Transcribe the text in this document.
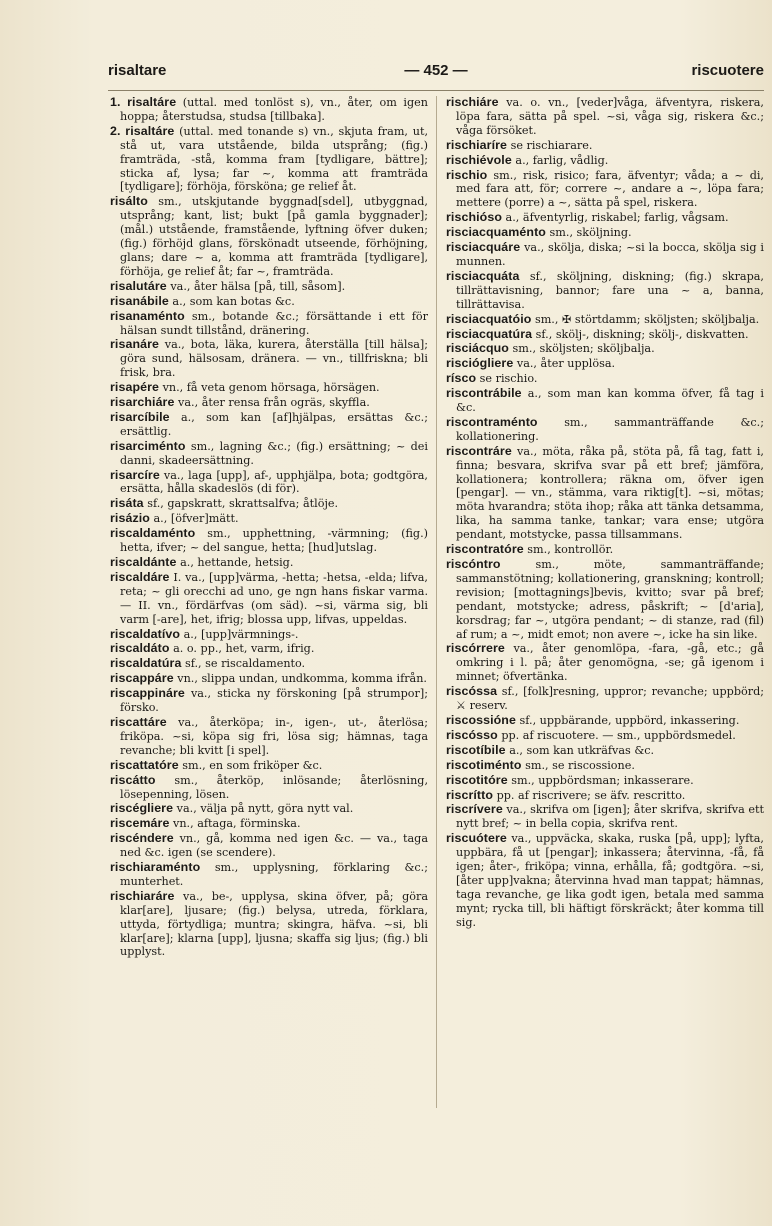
risaltare	— 452 —	riscuotere
1. risaltáre (uttal. med tonlöst s), vn., åter, om igen hoppa; återstudsa, studsa [tillbaka].
2. risaltáre (uttal. med tonande s) vn., skjuta fram, ut, stå ut, vara utstående, bilda utsprång; (fig.) framträda, -stå, komma fram [tydligare, bättre]; sticka af, lysa; far ~, komma att framträda [tydligare]; förhöja, försköna; ge relief åt.
risálto sm., utskjutande byggnad[sdel], utbyggnad, utsprång; kant, list; bukt [på gamla byggnader]; (mål.) utstående, framstående, lyftning öfver duken; (fig.) förhöjd glans, förskönadt utseende, förhöjning, glans; dare ~ a, komma att framträda [tydligare], förhöja, ge relief åt; far ~, framträda.
risalutáre va., åter hälsa [på, till, såsom].
risanábile a., som kan botas &c.
risanaménto sm., botande &c.; försättande i ett för hälsan sundt tillstånd, dränering.
risanáre va., bota, läka, kurera, återställa [till hälsa]; göra sund, hälsosam, dränera. — vn., tillfriskna; bli frisk, bra.
risapére vn., få veta genom hörsaga, hörsägen.
risarchiáre va., åter rensa från ogräs, skyffla.
risarcíbile a., som kan [af]hjälpas, ersättas &c.; ersättlig.
risarciménto sm., lagning &c.; (fig.) ersättning; ~ dei danni, skadeersättning.
risarcíre va., laga [upp], af-, upphjälpa, bota; godtgöra, ersätta, hålla skadeslös (di för).
risáta sf., gapskratt, skrattsalfva; åtlöje.
risázio a., [öfver]mätt.
riscaldaménto sm., upphettning, -värmning; (fig.) hetta, ifver; ~ del sangue, hetta; [hud]utslag.
riscaldánte a., hettande, hetsig.
riscaldáre I. va., [upp]värma, -hetta; -hetsa, -elda; lifva, reta; ~ gli orecchi ad uno, ge ngn hans fiskar varma. — II. vn., fördärfvas (om säd). ~si, värma sig, bli varm [-are], het, ifrig; blossa upp, lifvas, uppeldas.
riscaldatívo a., [upp]värmnings-.
riscaldáto a. o. pp., het, varm, ifrig.
riscaldatúra sf., se riscaldamento.
riscappáre vn., slippa undan, undkomma, komma ifrån.
riscappináre va., sticka ny förskoning [på strumpor]; försko.
riscattáre va., återköpa; in-, igen-, ut-, återlösa; friköpa. ~si, köpa sig fri, lösa sig; hämnas, taga revanche; bli kvitt [i spel].
riscattatóre sm., en som friköper &c.
riscátto sm., återköp, inlösande; återlösning, lösepenning, lösen.
riscégliere va., välja på nytt, göra nytt val.
riscemáre vn., aftaga, förminska.
riscéndere vn., gå, komma ned igen &c. — va., taga ned &c. igen (se scendere).
rischiaraménto sm., upplysning, förklaring &c.; munterhet.
rischiaráre va., be-, upplysa, skina öfver, på; göra klar[are], ljusare; (fig.) belysa, utreda, förklara, uttyda, förtydliga; muntra; skingra, häfva. ~si, bli klar[are]; klarna [upp], ljusna; skaffa sig ljus; (fig.) bli upplyst.
rischiáre va. o. vn., [veder]våga, äfventyra, riskera, löpa fara, sätta på spel. ~si, våga sig, riskera &c.; våga försöket.
rischiaríre se rischiarare.
rischiévole a., farlig, vådlig.
rischio sm., risk, risico; fara, äfventyr; våda; a ~ di, med fara att, för; correre ~, andare a ~, löpa fara; mettere (porre) a ~, sätta på spel, riskera.
rischióso a., äfventyrlig, riskabel; farlig, vågsam.
risciacquaménto sm., sköljning.
risciacquáre va., skölja, diska; ~si la bocca, skölja sig i munnen.
risciacquáta sf., sköljning, diskning; (fig.) skrapa, tillrättavisning, bannor; fare una ~ a, banna, tillrättavisa.
risciacquatóio sm., ✠ störtdamm; sköljsten; sköljbalja.
risciacquatúra sf., skölj-, diskning; skölj-, diskvatten.
risciácquo sm., sköljsten; sköljbalja.
risciógliere va., åter upplösa.
rísco se rischio.
riscontrábile a., som man kan komma öfver, få tag i &c.
riscontraménto sm., sammanträffande &c.; kollationering.
riscontráre va., möta, råka på, stöta på, få tag, fatt i, finna; besvara, skrifva svar på ett bref; jämföra, kollationera; kontrollera; räkna om, öfver igen [pengar]. — vn., stämma, vara riktig[t]. ~si, mötas; möta hvarandra; stöta ihop; råka att tänka detsamma, lika, ha samma tanke, tankar; vara ense; utgöra pendant, motstycke, passa tillsammans.
riscontratóre sm., kontrollör.
riscóntro sm., möte, sammanträffande; sammanstötning; kollationering, granskning; kontroll; revision; [mottagnings]bevis, kvitto; svar på bref; pendant, motstycke; adress, påskrift; ~ [d'aria], korsdrag; far ~, utgöra pendant; ~ di stanze, rad (fil) af rum; a ~, midt emot; non avere ~, icke ha sin like.
riscórrere va., åter genomlöpa, -fara, -gå, etc.; gå omkring i l. på; åter genomögna, -se; gå igenom i minnet; öfvertänka.
riscóssa sf., [folk]resning, uppror; revanche; uppbörd; ⚔ reserv.
riscossióne sf., uppbärande, uppbörd, inkassering.
riscósso pp. af riscuotere. — sm., uppbördsmedel.
riscotíbile a., som kan utkräfvas &c.
riscotiménto sm., se riscossione.
riscotitóre sm., uppbördsman; inkasserare.
riscrítto pp. af riscrivere; se äfv. rescritto.
riscrívere va., skrifva om [igen]; åter skrifva, skrifva ett nytt bref; ~ in bella copia, skrifva rent.
riscuótere va., uppväcka, skaka, ruska [på, upp]; lyfta, uppbära, få ut [pengar]; inkassera; återvinna, -få, få igen; åter-, friköpa; vinna, erhålla, få; godtgöra. ~si, [åter upp]vakna; återvinna hvad man tappat; hämnas, taga revanche, ge lika godt igen, betala med samma mynt; rycka till, bli häftigt förskräckt; åter komma till sig.
